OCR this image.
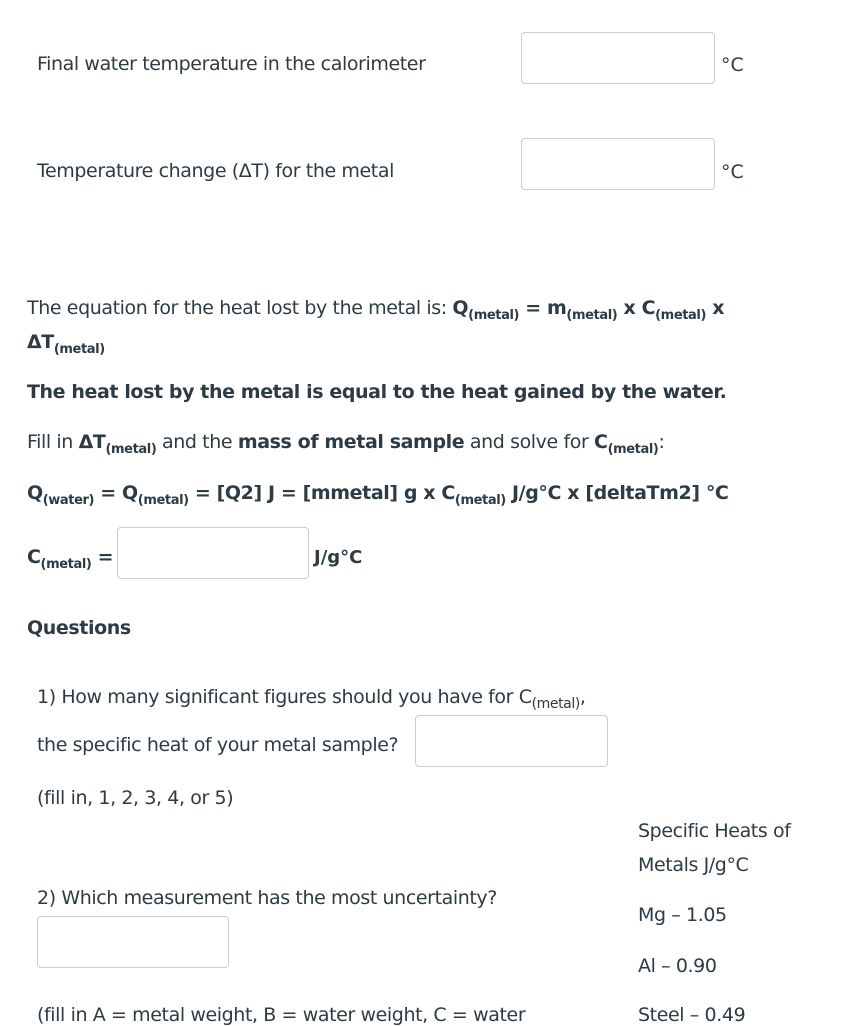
Final water temperature in the calorimeter	°C
Temperature change (ΔT) for the metal	°C
The equation for the heat lost by the metal is: $Q_{(metal)} = m_{(metal)}$ x $C_{(metal)}$ x
$\Delta T_{(metal)}$
The heat lost by the metal is equal to the heat gained by the water.
Fill in $\Delta T_{(metal)}$ and the mass of metal sample and solve for $C_{(metal)}$:
$Q_{(water)} = Q_{(metal)} = [Q2] J$ = [mmetal] g x $C_{(metal)}$ J/g°C x [deltaTm2] °C
$C_{(metal)}$ =	J/g°C
Questions
1) How many significant figures should you have for $C_{(metal)}$,
the specific heat of your metal sample?
(fill in, 1, 2, 3, 4, or 5)
Specific Heats of
Metals J/g°C
Mg – 1.05
Al – 0.90
Steel – 0.49
2) Which measurement has the most uncertainty?
(fill in A = metal weight, B = water weight, C = water
